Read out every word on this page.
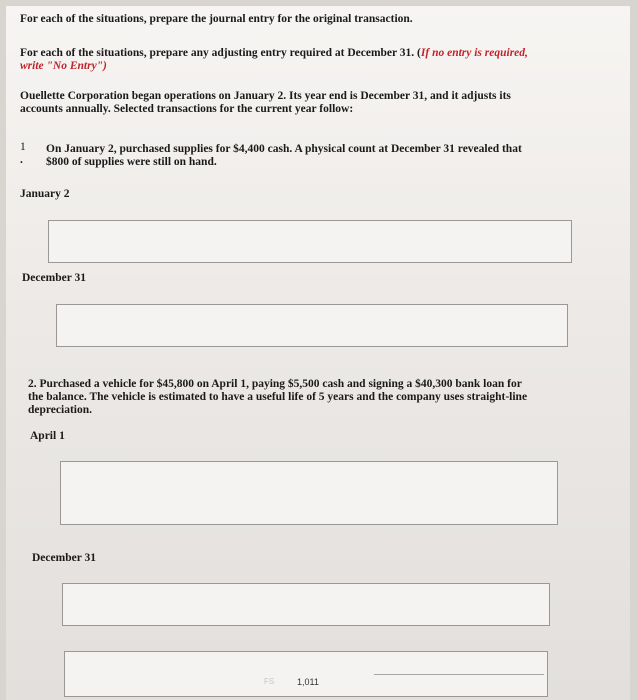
For each of the situations, prepare the journal entry for the original transaction.
For each of the situations, prepare any adjusting entry required at December 31. (If no entry is required,
write "No Entry")
Ouellette Corporation began operations on January 2. Its year end is December 31, and it adjusts its
accounts annually. Selected transactions for the current year follow:
1
.
On January 2, purchased supplies for $4,400 cash. A physical count at December 31 revealed that
$800 of supplies were still on hand.
January 2
December 31
2. Purchased a vehicle for $45,800 on April 1, paying $5,500 cash and signing a $40,300 bank loan for
the balance. The vehicle is estimated to have a useful life of 5 years and the company uses straight-line
depreciation.
April 1
December 31
FS	1,011
